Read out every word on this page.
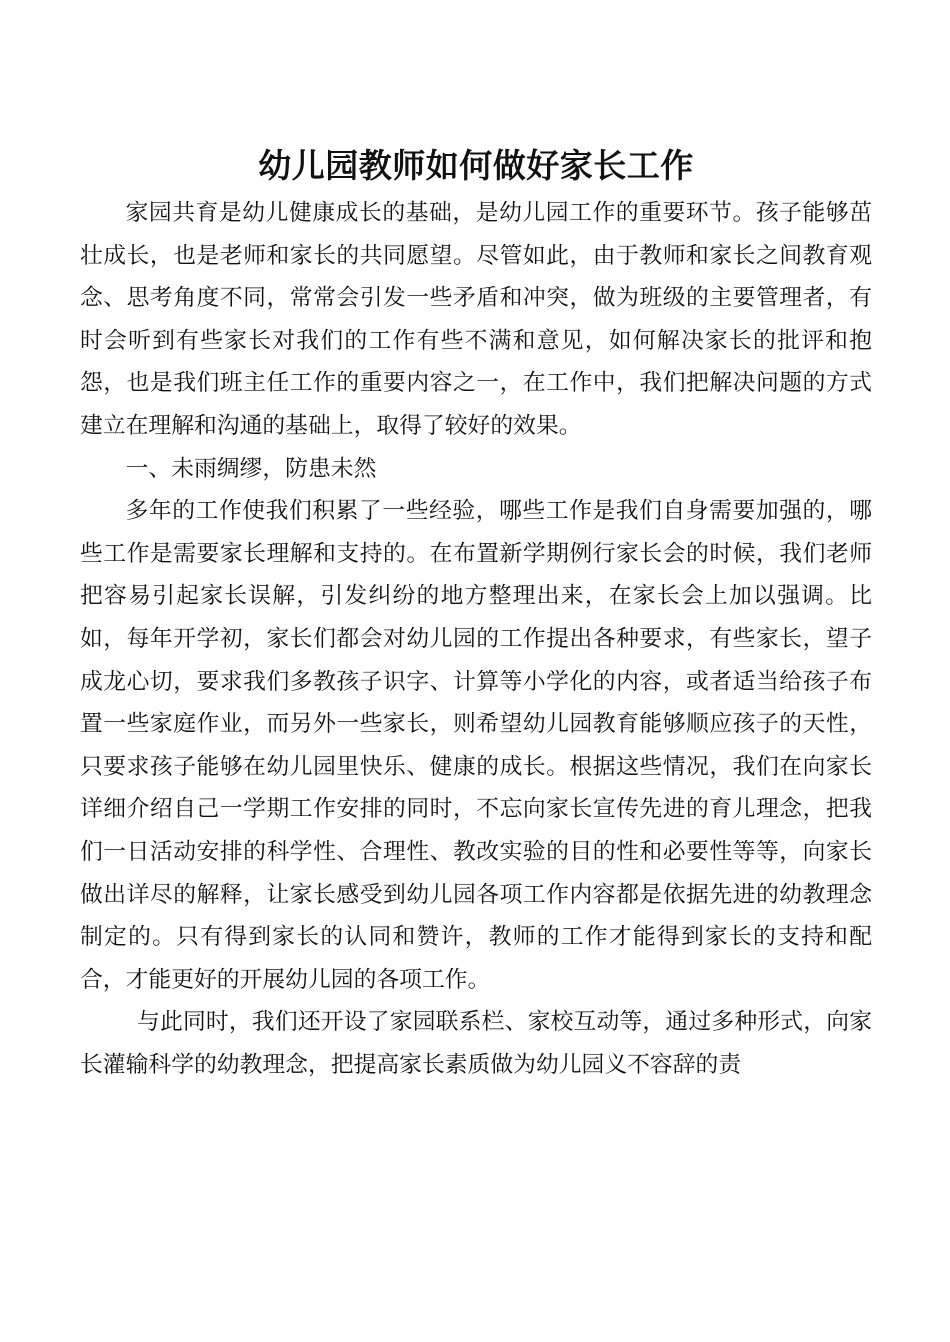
幼儿园教师如何做好家长工作

家园共育是幼儿健康成长的基础，是幼儿园工作的重要环节。孩子能够茁壮成长，也是老师和家长的共同愿望。尽管如此，由于教师和家长之间教育观念、思考角度不同，常常会引发一些矛盾和冲突，做为班级的主要管理者，有时会听到有些家长对我们的工作有些不满和意见，如何解决家长的批评和抱怨，也是我们班主任工作的重要内容之一，在工作中，我们把解决问题的方式建立在理解和沟通的基础上，取得了较好的效果。

一、未雨绸缪，防患未然

多年的工作使我们积累了一些经验，哪些工作是我们自身需要加强的，哪些工作是需要家长理解和支持的。在布置新学期例行家长会的时候，我们老师把容易引起家长误解，引发纠纷的地方整理出来，在家长会上加以强调。比如，每年开学初，家长们都会对幼儿园的工作提出各种要求，有些家长，望子成龙心切，要求我们多教孩子识字、计算等小学化的内容，或者适当给孩子布置一些家庭作业，而另外一些家长，则希望幼儿园教育能够顺应孩子的天性，只要求孩子能够在幼儿园里快乐、健康的成长。根据这些情况，我们在向家长详细介绍自己一学期工作安排的同时，不忘向家长宣传先进的育儿理念，把我们一日活动安排的科学性、合理性、教改实验的目的性和必要性等等，向家长做出详尽的解释，让家长感受到幼儿园各项工作内容都是依据先进的幼教理念制定的。只有得到家长的认同和赞许，教师的工作才能得到家长的支持和配合，才能更好的开展幼儿园的各项工作。

与此同时，我们还开设了家园联系栏、家校互动等，通过多种形式，向家长灌输科学的幼教理念，把提高家长素质做为幼儿园义不容辞的责
